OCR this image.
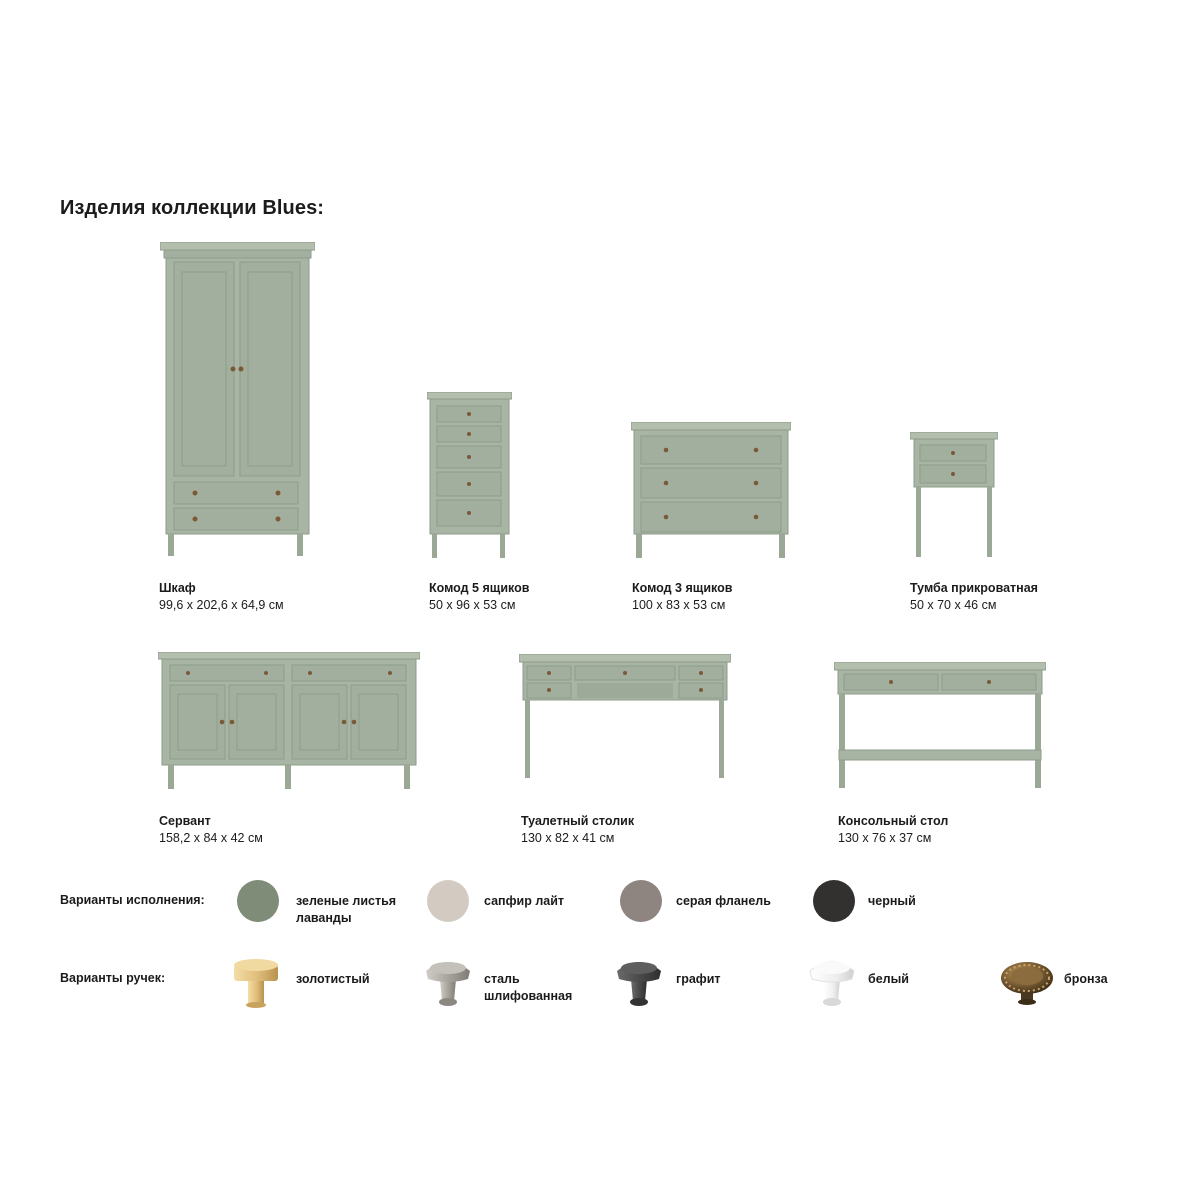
Изделия коллекции Blues:
Шкаф
99,6 х 202,6 х 64,9 см
Комод 5 ящиков
50 х 96 х 53 см
Комод 3 ящиков
100 х 83 х 53 см
Тумба прикроватная
50 х 70 х 46 см
Сервант
158,2 х 84 х 42 см
Туалетный столик
130 х 82 х 41 см
Консольный стол
130 х 76 х 37 см
Варианты исполнения:	зеленые листья
лаванды
сапфир лайт	серая фланель	черный
Варианты ручек:	золотистый	сталь
шлифованная
графит	белый	бронза
